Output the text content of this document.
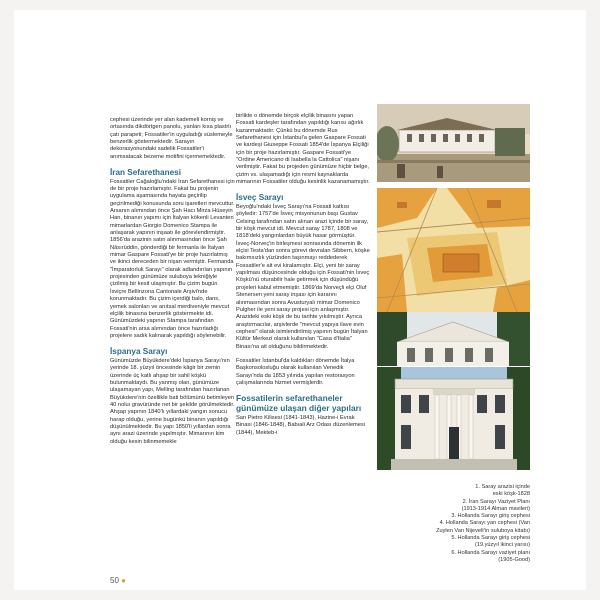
cephesi üzerinde yer alan kademeli korniş ve ortasında dikdörtgen panolu, yanları kısa plastrlı çatı parapeti; Fossatiler'in uyguladığı süslemeyle benzerlik göstermektedir. Sarayın dekorasyonundaki sadelik Fossatiler'i anımsatacak bezeme motifini içermemektedir.

İran Sefarethanesi

Fossatiler Cağaloğlu'ndaki İran Sefarethanesi için de bir proje hazırlamıştır. Fakat bu projenin uygulama aşamasında hayata geçirilip geçirilmediği konusunda soru işaretleri mevcuttur. Arsanın alımından önce Şah Hacı Mirza Hüseyin Han, binanın yapımı için İtalyan kökenli Levanten mimarlardan Giorgio Domenico Stampa ile anlaşarak yapının inşaatı ile görevlendirmiştir. 1856'da arazinin satın alınmasından önce Şah Nâsırüddin, gönderdiği bir fermanla ile İtalyan mimar Gaspare Fossati'ye bir proje hazırlatmış ve ikinci dereceden bir nişan vermiştir. Fermanda "İmparatorluk Sarayı" olarak adlandırılan yapının projesinden günümüze suluboya tekniğiyle çizilmiş bir kesit ulaşmıştır. Bu çizim bugün İsviçre Bellinzona Cantonale Arşivi'nde korunmaktadır. Bu çizim içerdiği balo, dans, yemek salonları ve anıtsal merdiveniyle mevcut elçilik binasına benzerlik göstermekte idi. Günümüzdeki yapının Stampa tarafından Fossati'nin arsa alımından önce hazırladığı projelere sadık kalınarak yapıldığı söylenebilir.

İspanya Sarayı

Günümüzde Büyükdere'deki İspanya Sarayı'nın yerinde 18. yüzyıl öncesinde kâgir bir zemin üzerinde üç katlı ahşap bir sahil köşkü bulunmaktaydı. Bu yanmış olan, günümüze ulaşamayan yapı, Melling tarafından hazırlanan Büyükdere'nin özellikle bati bölümünü betimleyen 40 noluı gravüründe net bir şekilde görülmektedir. Ahşap yapının 1840'lı yıllardaki yangın sonucu harap olduğu, yerine bugünkü binanın yapıldığı düşünülmektedir. Bu yapı 1850'li yıllardan sonra aynı arazi üzerinde yapılmıştır. Mimarının kim olduğu kesin bilinmemekle

birlikte o dönemde birçok elçilik binasını yapan Fossati kardeşler tarafından yapıldığı kanısı ağırlık kazanmaktadır. Çünkü bu dönemde Rus Sefarethanesi için İstanbul'a gelen Gaspare Fossati ve kardeşi Giuseppe Fossati 1854'de İspanya Elçiliği için bir proje hazırlamıştır. Gaspare Fossati'ye "Ordine Americano di Isabella la Cattolica" nişanı verilmiştir. Fakat bu projeden günümüze hiçbir belge, çizim vs. ulaşamadığı için resmi kaynaklarda mimarının Fossatiler olduğu kesinlik kazanamamıştır.

İsveç Sarayı

Beyoğlu'ndaki İsveç Sarayı'na Fossati katkısı şöyledir: 1757'de İsveç misyonunun başı Gustav Celsing tarafından satın alınan arazi içinde bir saray, bir köşk mevcut idi. Mevcut saray 1787, 1808 ve 1818'deki yangınlardan büyük hasar görmüştür. İsveç-Norveç'in birleşmesi sonrasında dönemin ilk elçisi Testa'dan sonra görevi devralan Sibbern, köşke bakımsızlık yüzünden taşınmayı reddederek Fossatiler'e ait evi kiralamıştır. Elçi, yeni bir saray yapılması düşüncesinde olduğu için Fossati'nin İsveç Köşkü'nü oturabilir hale getirmek için düşündüğü projeleri kabul etmemiştir. 1869'da Norveçli elçi Oluf Stenersen yeni saray inşası için kararını alınmasından sonra Avusturyalı mimar Domenico Pulgher ile yeni saray projesi için anlaşmıştır. Arazideki eski köşk de bu tarihte yıkılmıştır. Ayrıca araştırmacılar, arşivlerde "mevcut yapıya ilave evin cephesi" olarak isimlendirilmiş yapının bugün İtalyan Kültür Merkezi olarak kullanılan "Casa d'Italia" Binası'na ait olduğunu bildirmektedir.

Fossatiler İstanbul'da kaldıkları dönemde İtalya Başkonsolosluğu olarak kullanılan Venedik Sarayı'nda da 1853 yılında yapılan restorasyon çalışmalarında hizmet vermişlerdir.

Fossatilerin sefarethaneler günümüze ulaşan diğer yapıları

San Pietro Kilisesi (1841-1843), Hazine-i Evrak Binası (1846-1848), Babıali Arz Odası düzenlemesi (1844), Mekteb-i

1. Saray arazisi içinde
eski köşk-1828
2. İran Sarayı Vaziyet Planı
(1913-1914 Alman mavileri)
3. Hollanda Sarayı giriş cephesi
4. Hollanda Sarayı yan cephesi (Van
Zuylen Van Nijevelt'in suluboya kitabı)
5. Hollanda Sarayı giriş cephesi
(19.yüzyıl ikinci yarısı)
6. Hollanda Sarayı vaziyet planı
(1905-Good)
50 ●
